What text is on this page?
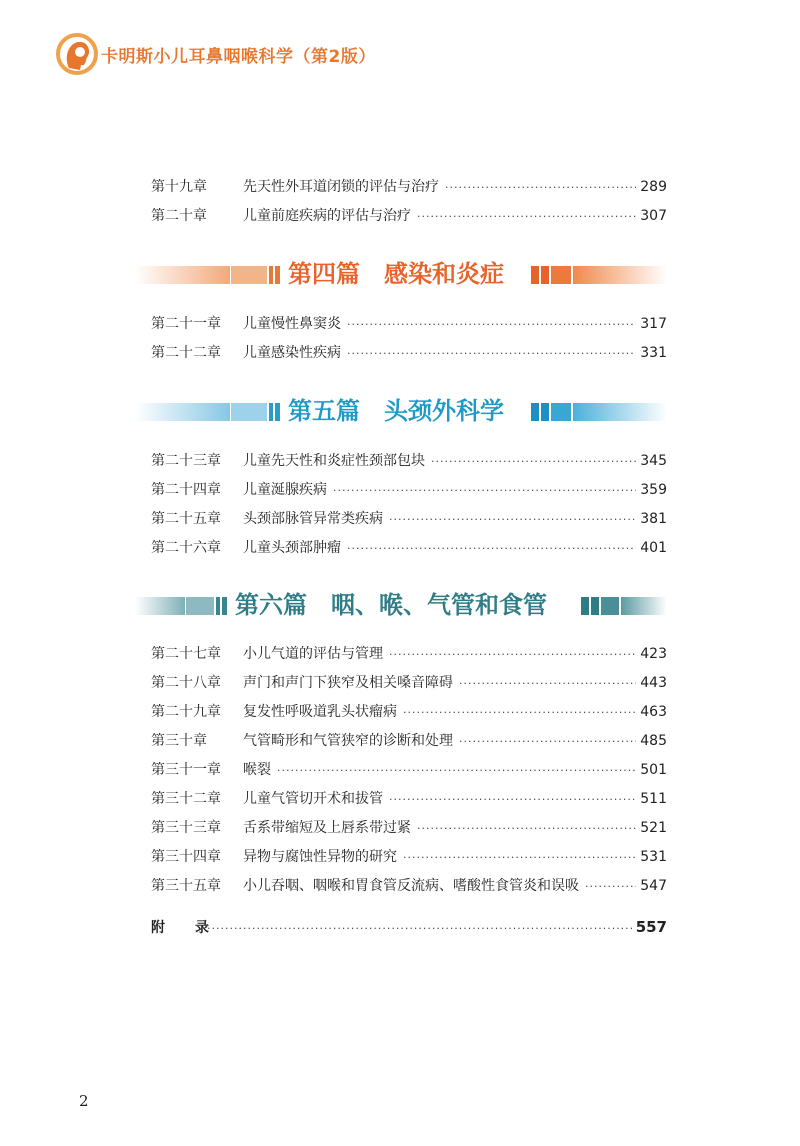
卡明斯小儿耳鼻咽喉科学（第2版）
第十九章	先天性外耳道闭锁的评估与治疗 ·····	289
第二十章	儿童前庭疾病的评估与治疗 ·····	307
第四篇　感染和炎症
第二十一章	儿童慢性鼻窦炎 ·····	317
第二十二章	儿童感染性疾病 ·····	331
第五篇　头颈外科学
第二十三章	儿童先天性和炎症性颈部包块 ·····	345
第二十四章	儿童涎腺疾病 ·····	359
第二十五章	头颈部脉管异常类疾病 ·····	381
第二十六章	儿童头颈部肿瘤 ·····	401
第六篇　咽、喉、气管和食管
第二十七章	小儿气道的评估与管理 ·····	423
第二十八章	声门和声门下狭窄及相关嗓音障碍 ·····	443
第二十九章	复发性呼吸道乳头状瘤病 ·····	463
第三十章	气管畸形和气管狭窄的诊断和处理 ·····	485
第三十一章	喉裂 ·····	501
第三十二章	儿童气管切开术和拔管 ·····	511
第三十三章	舌系带缩短及上唇系带过紧 ·····	521
第三十四章	异物与腐蚀性异物的研究 ·····	531
第三十五章	小儿吞咽、咽喉和胃食管反流病、嗜酸性食管炎和误吸 ·····	547
附　录 ·····	557
2
